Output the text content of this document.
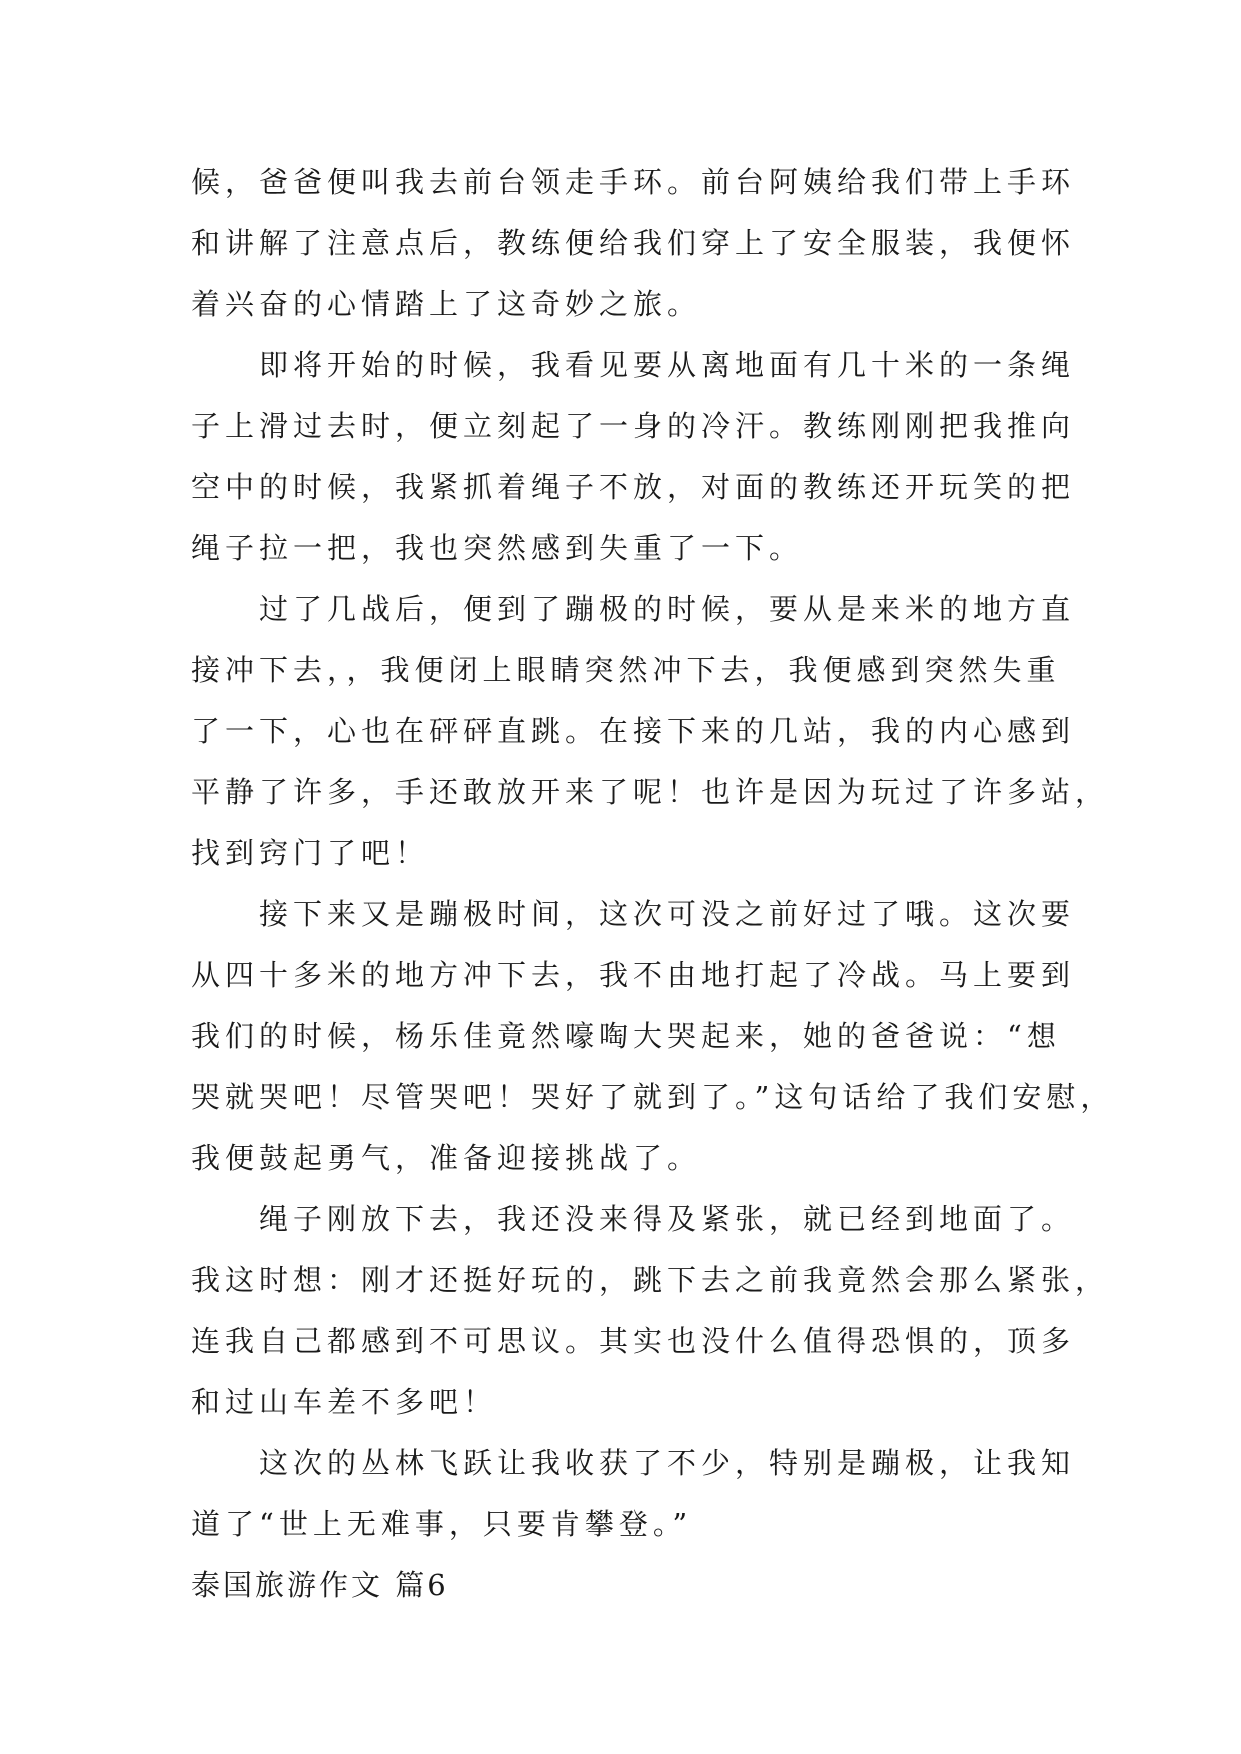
候，爸爸便叫我去前台领走手环。前台阿姨给我们带上手环
和讲解了注意点后，教练便给我们穿上了安全服装，我便怀
着兴奋的心情踏上了这奇妙之旅。
即将开始的时候，我看见要从离地面有几十米的一条绳
子上滑过去时，便立刻起了一身的冷汗。教练刚刚把我推向
空中的时候，我紧抓着绳子不放，对面的教练还开玩笑的把
绳子拉一把，我也突然感到失重了一下。
过了几战后，便到了蹦极的时候，要从是来米的地方直
接冲下去，，我便闭上眼睛突然冲下去，我便感到突然失重
了一下，心也在砰砰直跳。在接下来的几站，我的内心感到
平静了许多，手还敢放开来了呢！也许是因为玩过了许多站，
找到窍门了吧！
接下来又是蹦极时间，这次可没之前好过了哦。这次要
从四十多米的地方冲下去，我不由地打起了冷战。马上要到
我们的时候，杨乐佳竟然嚎啕大哭起来，她的爸爸说：“想
哭就哭吧！尽管哭吧！哭好了就到了。”这句话给了我们安慰，
我便鼓起勇气，准备迎接挑战了。
绳子刚放下去，我还没来得及紧张，就已经到地面了。
我这时想：刚才还挺好玩的，跳下去之前我竟然会那么紧张，
连我自己都感到不可思议。其实也没什么值得恐惧的，顶多
和过山车差不多吧！
这次的丛林飞跃让我收获了不少，特别是蹦极，让我知
道了“世上无难事，只要肯攀登。”
泰国旅游作文 篇6
